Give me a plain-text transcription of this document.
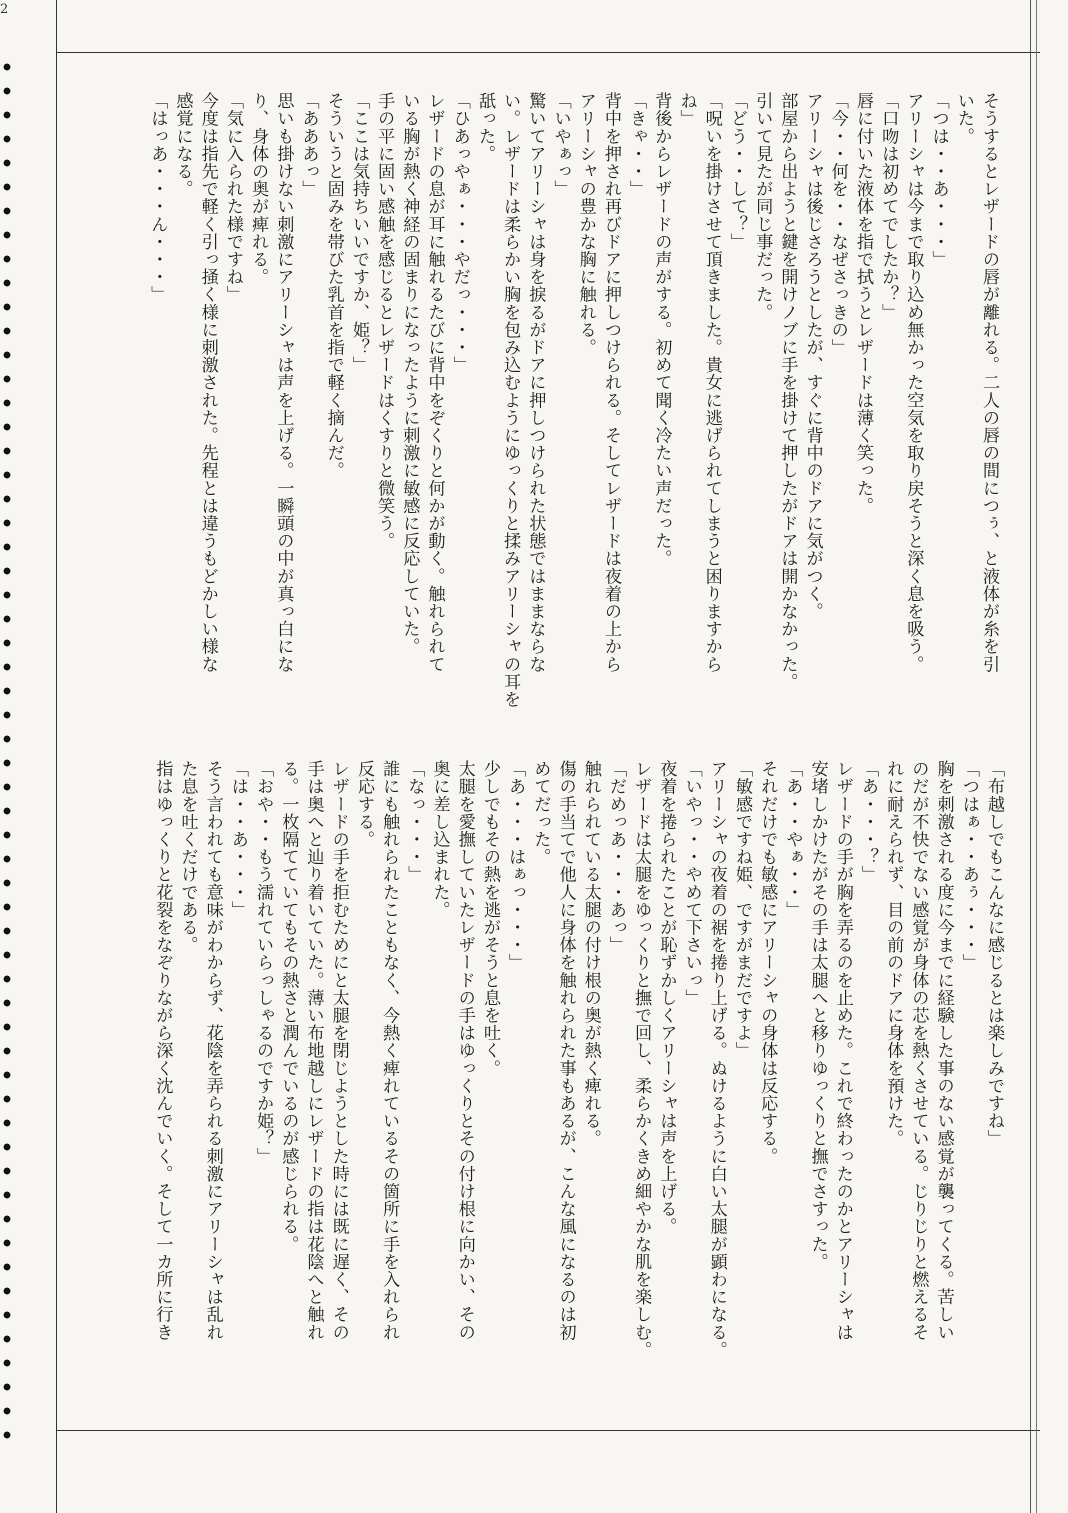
2
そうするとレザードの唇が離れる。二人の唇の間につぅ、と液体が糸を引
いた。
「つは・・あ・・・」
アリーシャは今まで取り込め無かった空気を取り戻そうと深く息を吸う。
「口吻は初めてでしたか？」
唇に付いた液体を指で拭うとレザードは薄く笑った。
「今・・何を・・なぜさっきの」
アリーシャは後じさろうとしたが、すぐに背中のドアに気がつく。
部屋から出ようと鍵を開けノブに手を掛けて押したがドアは開かなかった。
引いて見たが同じ事だった。
「どう・・して？」
「呪いを掛けさせて頂きました。貴女に逃げられてしまうと困りますから
ね」
背後からレザードの声がする。初めて聞く冷たい声だった。
「きゃ・・」
背中を押され再びドアに押しつけられる。そしてレザードは夜着の上から
アリーシャの豊かな胸に触れる。
「いやぁっ」
驚いてアリーシャは身を捩るがドアに押しつけられた状態ではままならな
い。レザードは柔らかい胸を包み込むようにゆっくりと揉みアリーシャの耳を
舐った。
「ひあっやぁ・・・やだっ・・・」
レザードの息が耳に触れるたびに背中をぞくりと何かが動く。触れられて
いる胸が熱く神経の固まりになったように刺激に敏感に反応していた。
手の平に固い感触を感じるとレザードはくすりと微笑う。
「ここは気持ちいいですか、姫？」
そういうと固みを帯びた乳首を指で軽く摘んだ。
「あああっ」
思いも掛けない刺激にアリーシャは声を上げる。一瞬頭の中が真っ白にな
り、身体の奥が痺れる。
「気に入られた様ですね」
今度は指先で軽く引っ掻く様に刺激された。先程とは違うもどかしい様な
感覚になる。
「はっあ・・・ん・・・」
「布越しでもこんなに感じるとは楽しみですね」
「つはぁ・・あぅ・・・」
胸を刺激される度に今までに経験した事のない感覚が襲ってくる。苦しい
のだが不快でない感覚が身体の芯を熱くさせている。じりじりと燃えるそ
れに耐えられず、目の前のドアに身体を預けた。
「あ・・・？」
レザードの手が胸を弄るのを止めた。これで終わったのかとアリーシャは
安堵しかけたがその手は太腿へと移りゆっくりと撫でさすった。
「あ・・やぁ・・」
それだけでも敏感にアリーシャの身体は反応する。
「敏感ですね姫、ですがまだですよ」
アリーシャの夜着の裾を捲り上げる。ぬけるように白い太腿が顕わになる。
「いやっ・・やめて下さいっ」
夜着を捲られたことが恥ずかしくアリーシャは声を上げる。
レザードは太腿をゆっくりと撫で回し、柔らかくきめ細やかな肌を楽しむ。
「だめっあ・・・あっ」
触れられている太腿の付け根の奥が熱く痺れる。
傷の手当てで他人に身体を触れられた事もあるが、こんな風になるのは初
めてだった。
「あ・・・はぁっ・・・」
少しでもその熱を逃がそうと息を吐く。
太腿を愛撫していたレザードの手はゆっくりとその付け根に向かい、その
奥に差し込まれた。
「なっ・・・」
誰にも触れられたこともなく、今熱く痺れているその箇所に手を入れられ
反応する。
レザードの手を拒むためにと太腿を閉じようとした時には既に遅く、その
手は奥へと辿り着いていた。薄い布地越しにレザードの指は花陰へと触れ
る。一枚隔てていてもその熱さと潤んでいるのが感じられる。
「おや・・もう濡れていらっしゃるのですか姫？」
「は・・あ・・・」
そう言われても意味がわからず、花陰を弄られる刺激にアリーシャは乱れ
た息を吐くだけである。
指はゆっくりと花裂をなぞりながら深く沈んでいく。そして一カ所に行き
